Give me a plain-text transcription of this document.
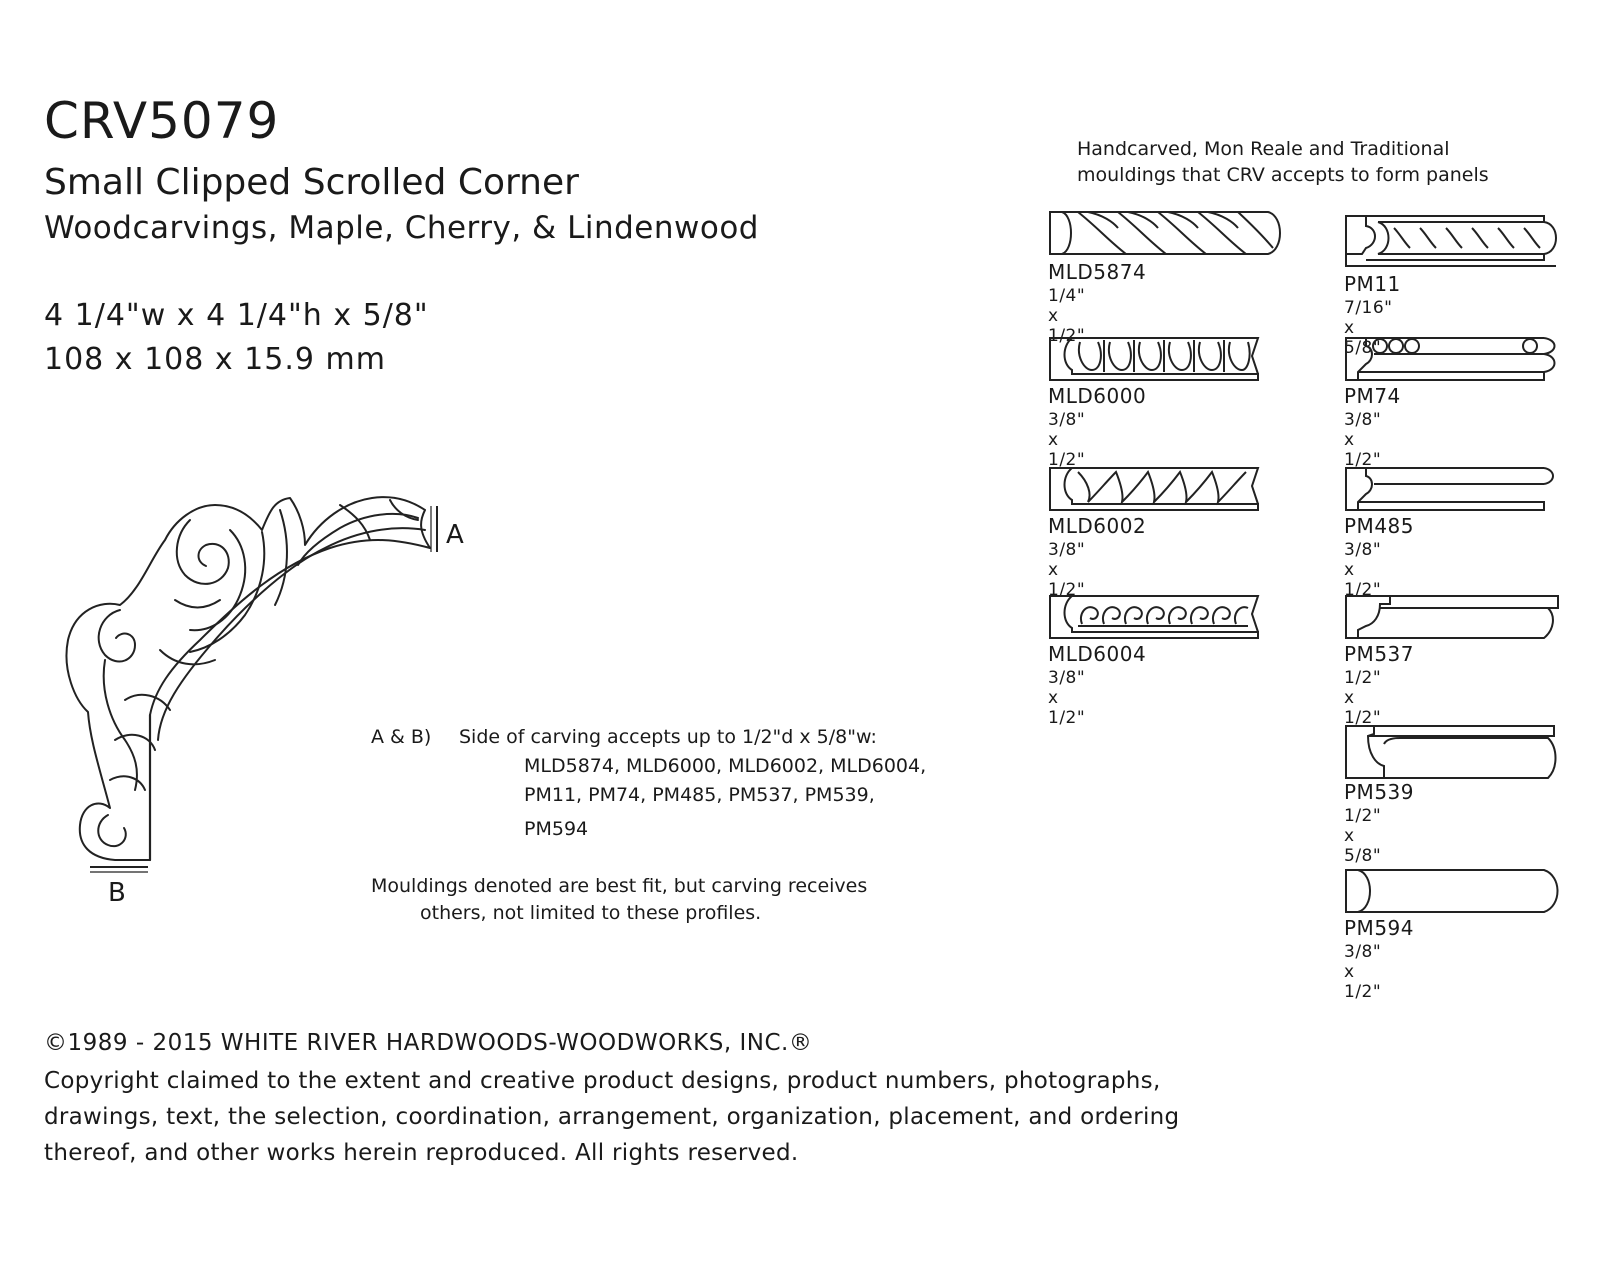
CRV5079
Small Clipped Scrolled Corner
Woodcarvings, Maple, Cherry, & Lindenwood
4 1/4"w x 4 1/4"h x 5/8"
108 x 108 x 15.9 mm
A
B
A & B) Side of carving accepts up to 1/2"d x 5/8"w:
MLD5874, MLD6000, MLD6002, MLD6004,
PM11, PM74, PM485, PM537, PM539,
PM594
Mouldings denoted are best fit, but carving receives
others, not limited to these profiles.
Handcarved, Mon Reale and Traditional
mouldings that CRV accepts to form panels
MLD5874
1/4" x 1/2"
PM11
7/16" x 5/8"
MLD6000
3/8" x 1/2"
PM74
3/8" x 1/2"
MLD6002
3/8" x 1/2"
PM485
3/8" x 1/2"
MLD6004
3/8" x 1/2"
PM537
1/2" x 1/2"
PM539
1/2" x 5/8"
PM594
3/8" x 1/2"
©1989 - 2015 WHITE RIVER HARDWOODS-WOODWORKS, INC.®
Copyright claimed to the extent and creative product designs, product numbers, photographs,
drawings, text, the selection, coordination, arrangement, organization, placement, and ordering
thereof, and other works herein reproduced. All rights reserved.
